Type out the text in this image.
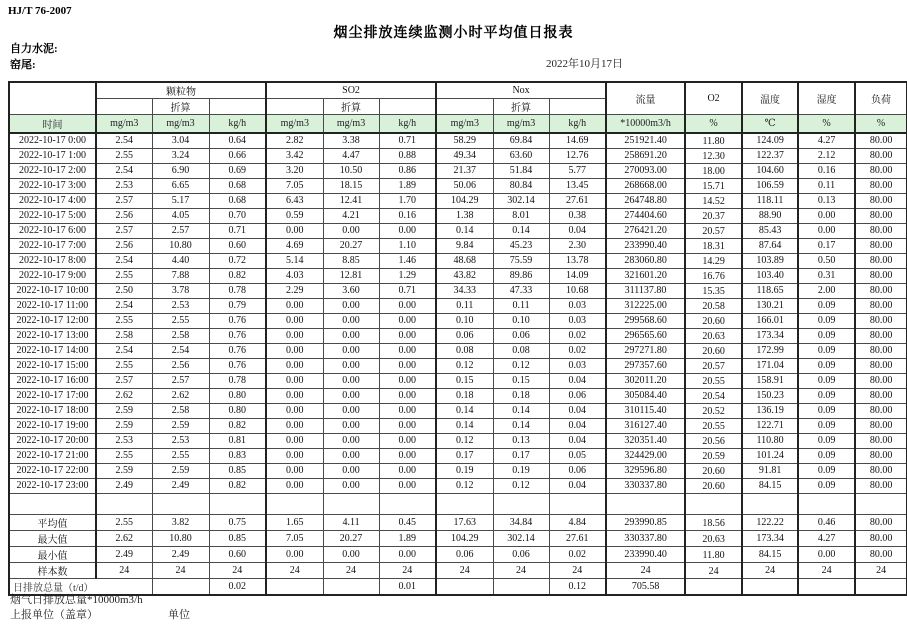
HJ/T 76-2007
烟尘排放连续监测小时平均值日报表
自力水泥:
窑尾:	2022年10月17日
	颗粒物			SO2			Nox			流量	O2	温度	湿度	负荷
		折算			折算			折算						
时间	mg/m3	mg/m3	kg/h	mg/m3	mg/m3	kg/h	mg/m3	mg/m3	kg/h	*10000m3/h	%	℃	%	%
2022-10-17 0:00	2.54	3.04	0.64	2.82	3.38	0.71	58.29	69.84	14.69	251921.40	11.80	124.09	4.27	80.00
2022-10-17 1:00	2.55	3.24	0.66	3.42	4.47	0.88	49.34	63.60	12.76	258691.20	12.30	122.37	2.12	80.00
2022-10-17 2:00	2.54	6.90	0.69	3.20	10.50	0.86	21.37	51.84	5.77	270093.00	18.00	104.60	0.16	80.00
2022-10-17 3:00	2.53	6.65	0.68	7.05	18.15	1.89	50.06	80.84	13.45	268668.00	15.71	106.59	0.11	80.00
2022-10-17 4:00	2.57	5.17	0.68	6.43	12.41	1.70	104.29	302.14	27.61	264748.80	14.52	118.11	0.13	80.00
2022-10-17 5:00	2.56	4.05	0.70	0.59	4.21	0.16	1.38	8.01	0.38	274404.60	20.37	88.90	0.00	80.00
2022-10-17 6:00	2.57	2.57	0.71	0.00	0.00	0.00	0.14	0.14	0.04	276421.20	20.57	85.43	0.00	80.00
2022-10-17 7:00	2.56	10.80	0.60	4.69	20.27	1.10	9.84	45.23	2.30	233990.40	18.31	87.64	0.17	80.00
2022-10-17 8:00	2.54	4.40	0.72	5.14	8.85	1.46	48.68	75.59	13.78	283060.80	14.29	103.89	0.50	80.00
2022-10-17 9:00	2.55	7.88	0.82	4.03	12.81	1.29	43.82	89.86	14.09	321601.20	16.76	103.40	0.31	80.00
2022-10-17 10:00	2.50	3.78	0.78	2.29	3.60	0.71	34.33	47.33	10.68	311137.80	15.35	118.65	2.00	80.00
2022-10-17 11:00	2.54	2.53	0.79	0.00	0.00	0.00	0.11	0.11	0.03	312225.00	20.58	130.21	0.09	80.00
2022-10-17 12:00	2.55	2.55	0.76	0.00	0.00	0.00	0.10	0.10	0.03	299568.60	20.60	166.01	0.09	80.00
2022-10-17 13:00	2.58	2.58	0.76	0.00	0.00	0.00	0.06	0.06	0.02	296565.60	20.63	173.34	0.09	80.00
2022-10-17 14:00	2.54	2.54	0.76	0.00	0.00	0.00	0.08	0.08	0.02	297271.80	20.60	172.99	0.09	80.00
2022-10-17 15:00	2.55	2.56	0.76	0.00	0.00	0.00	0.12	0.12	0.03	297357.60	20.57	171.04	0.09	80.00
2022-10-17 16:00	2.57	2.57	0.78	0.00	0.00	0.00	0.15	0.15	0.04	302011.20	20.55	158.91	0.09	80.00
2022-10-17 17:00	2.62	2.62	0.80	0.00	0.00	0.00	0.18	0.18	0.06	305084.40	20.54	150.23	0.09	80.00
2022-10-17 18:00	2.59	2.58	0.80	0.00	0.00	0.00	0.14	0.14	0.04	310115.40	20.52	136.19	0.09	80.00
2022-10-17 19:00	2.59	2.59	0.82	0.00	0.00	0.00	0.14	0.14	0.04	316127.40	20.55	122.71	0.09	80.00
2022-10-17 20:00	2.53	2.53	0.81	0.00	0.00	0.00	0.12	0.13	0.04	320351.40	20.56	110.80	0.09	80.00
2022-10-17 21:00	2.55	2.55	0.83	0.00	0.00	0.00	0.17	0.17	0.05	324429.00	20.59	101.24	0.09	80.00
2022-10-17 22:00	2.59	2.59	0.85	0.00	0.00	0.00	0.19	0.19	0.06	329596.80	20.60	91.81	0.09	80.00
2022-10-17 23:00	2.49	2.49	0.82	0.00	0.00	0.00	0.12	0.12	0.04	330337.80	20.60	84.15	0.09	80.00

平均值	2.55	3.82	0.75	1.65	4.11	0.45	17.63	34.84	4.84	293990.85	18.56	122.22	0.46	80.00
最大值	2.62	10.80	0.85	7.05	20.27	1.89	104.29	302.14	27.61	330337.80	20.63	173.34	4.27	80.00
最小值	2.49	2.49	0.60	0.00	0.00	0.00	0.06	0.06	0.02	233990.40	11.80	84.15	0.00	80.00
样本数	24	24	24	24	24	24	24	24	24	24	24	24	24	24
日排放总量（t/d）			0.02			0.01			0.12	705.58				
烟气日排放总量*10000m3/h
上报单位（盖章）	单位
